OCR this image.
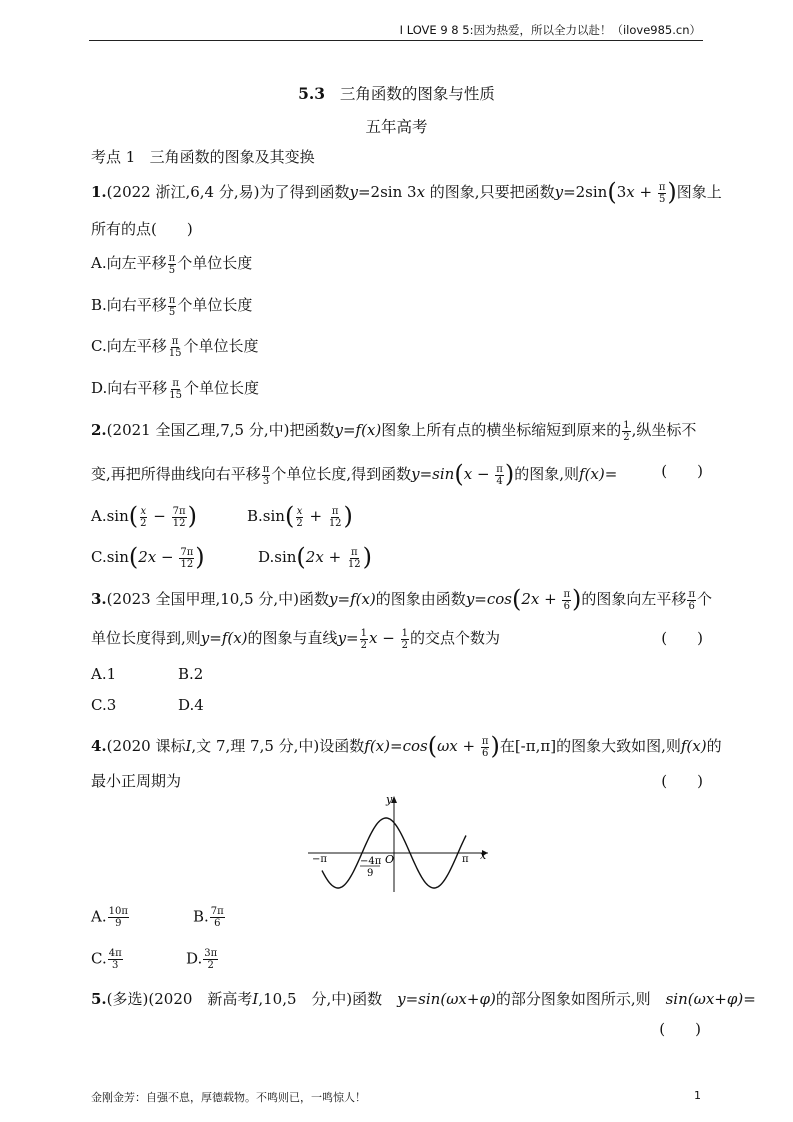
I LOVE 9 8 5:因为热爱，所以全力以赴！（ilove985.cn）
5.3 三角函数的图象与性质
五年高考
考点 1 三角函数的图象及其变换
1.(2022 浙江,6,4 分,易)为了得到函数y=2sin 3x 的图象,只要把函数$y=2\sin(3x + \frac{\pi}{5}$ )图象上
所有的点(　　)
A.向左平移 $\frac{\pi}{5}$ 个单位长度
B.向右平移 $\frac{\pi}{5}$ 个单位长度
C.向左平移 $\frac{\pi}{15}$ 个单位长度
D.向右平移 $\frac{\pi}{15}$ 个单位长度
2.(2021 全国乙理,7,5 分,中)把函数y=f(x)图象上所有点的横坐标缩短到原来的 $\frac{1}{2}$ ,纵坐标不
变,再把所得曲线向右平移 $\frac{\pi}{3}$ 个单位长度,得到函数$y=\sin(x - \frac{\pi}{4}$ )的图象,则f(x)=	(　　)
$A.\sin( \frac{x}{2} - \frac{7\pi}{12}$ )	$B.\sin( \frac{x}{2} + \frac{\pi}{12}$ )
$C.\sin(2x - \frac{7\pi}{12}$ )	$D.\sin(2x + \frac{\pi}{12}$ )
3.(2023 全国甲理,10,5 分,中)函数y=f(x)的图象由函数$y=\cos(2x + \frac{\pi}{6}$ )的图象向左平移 $\frac{\pi}{6}$ 个
单位长度得到,则y=f(x)的图象与直线$y= \frac{1}{2}$ $x - \frac{1}{2}$ 的交点个数为	(　　)
A.1	B.2
C.3	D.4
4.(2020 课标I,文 7,理 7,5 分,中)设函数$f(x)=\cos(\omega x + \frac{\pi}{6}$ )在[-π,π]的图象大致如图,则f(x)的
最小正周期为	(　　)
y
x
O
−π	π
−4π
9
A. $\frac{10\pi}{9}$	B. $\frac{7\pi}{6}$
C. $\frac{4\pi}{3}$	D. $\frac{3\pi}{2}$
5.(多选)(2020　新高考I,10,5　分,中)函数　y=sin(ωx+φ)的部分图象如图所示,则　sin(ωx+φ)=
(　　)
金刚金芳：自强不息，厚德载物。不鸣则已，一鸣惊人！	1
